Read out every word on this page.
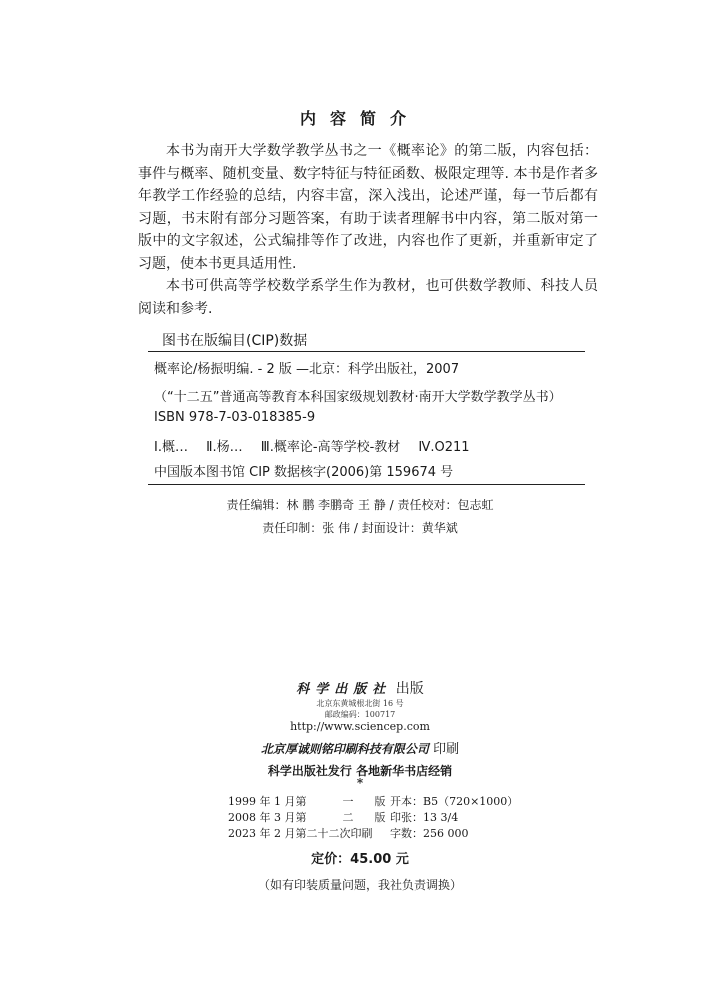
内容简介

本书为南开大学数学教学丛书之一《概率论》的第二版，内容包括：事件与概率、随机变量、数字特征与特征函数、极限定理等. 本书是作者多年教学工作经验的总结，内容丰富，深入浅出，论述严谨，每一节后都有习题，书末附有部分习题答案，有助于读者理解书中内容，第二版对第一版中的文字叙述，公式编排等作了改进，内容也作了更新，并重新审定了习题，使本书更具适用性.

本书可供高等学校数学系学生作为教材，也可供数学教师、科技人员阅读和参考.

图书在版编目(CIP)数据
概率论/杨振明编. - 2 版 —北京：科学出版社，2007
（“十二五”普通高等教育本科国家级规划教材·南开大学数学教学丛书）
ISBN 978-7-03-018385-9
Ⅰ.概… Ⅱ.杨… Ⅲ.概率论-高等学校-教材 Ⅳ.O211
中国版本图书馆 CIP 数据核字(2006)第 159674 号
责任编辑：林 鹏 李鹏奇 王 静 / 责任校对：包志虹
责任印制：张 伟 / 封面设计：黄华斌
科学出版社 出版
北京东黄城根北街 16 号
邮政编码：100717
http://www.sciencep.com
北京厚诚则铭印刷科技有限公司 印刷
科学出版社发行 各地新华书店经销
*
1999 年 1 月第	一	版	开本：B5（720×1000）
2008 年 3 月第	二	版	印张：13 3/4
2023 年 2 月第二十二次印刷			字数：256 000
定价：45.00 元
（如有印装质量问题，我社负责调换）
